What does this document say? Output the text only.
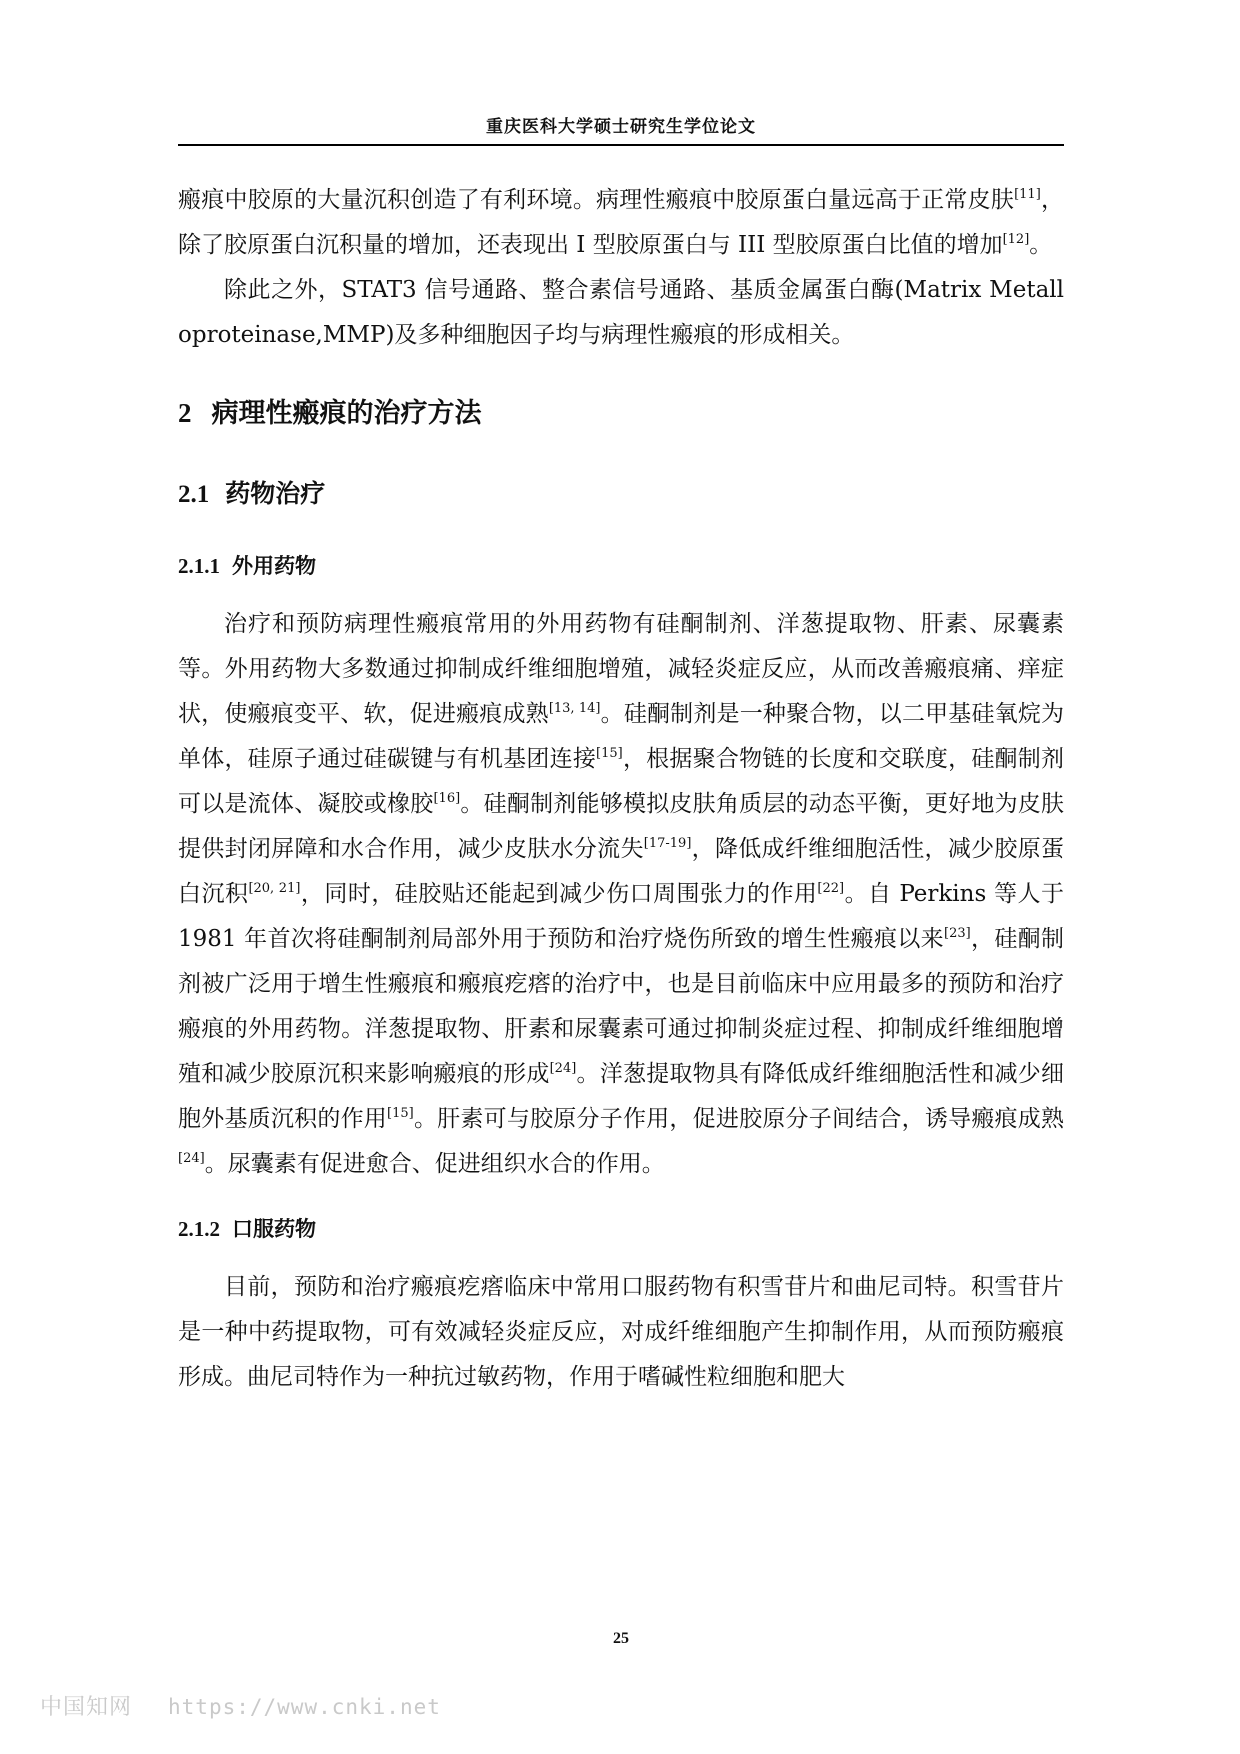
重庆医科大学硕士研究生学位论文

瘢痕中胶原的大量沉积创造了有利环境。病理性瘢痕中胶原蛋白量远高于正常皮肤[11]，除了胶原蛋白沉积量的增加，还表现出 I 型胶原蛋白与 III 型胶原蛋白比值的增加[12]。

除此之外，STAT3 信号通路、整合素信号通路、基质金属蛋白酶(Matrix Metalloproteinase,MMP)及多种细胞因子均与病理性瘢痕的形成相关。

2 病理性瘢痕的治疗方法
2.1 药物治疗
2.1.1 外用药物

治疗和预防病理性瘢痕常用的外用药物有硅酮制剂、洋葱提取物、肝素、尿囊素等。外用药物大多数通过抑制成纤维细胞增殖，减轻炎症反应，从而改善瘢痕痛、痒症状，使瘢痕变平、软，促进瘢痕成熟[13, 14]。硅酮制剂是一种聚合物，以二甲基硅氧烷为单体，硅原子通过硅碳键与有机基团连接[15]，根据聚合物链的长度和交联度，硅酮制剂可以是流体、凝胶或橡胶[16]。硅酮制剂能够模拟皮肤角质层的动态平衡，更好地为皮肤提供封闭屏障和水合作用，减少皮肤水分流失[17-19]，降低成纤维细胞活性，减少胶原蛋白沉积[20, 21]，同时，硅胶贴还能起到减少伤口周围张力的作用[22]。自 Perkins 等人于 1981 年首次将硅酮制剂局部外用于预防和治疗烧伤所致的增生性瘢痕以来[23]，硅酮制剂被广泛用于增生性瘢痕和瘢痕疙瘩的治疗中，也是目前临床中应用最多的预防和治疗瘢痕的外用药物。洋葱提取物、肝素和尿囊素可通过抑制炎症过程、抑制成纤维细胞增殖和减少胶原沉积来影响瘢痕的形成[24]。洋葱提取物具有降低成纤维细胞活性和减少细胞外基质沉积的作用[15]。肝素可与胶原分子作用，促进胶原分子间结合，诱导瘢痕成熟[24]。尿囊素有促进愈合、促进组织水合的作用。

2.1.2 口服药物

目前，预防和治疗瘢痕疙瘩临床中常用口服药物有积雪苷片和曲尼司特。积雪苷片是一种中药提取物，可有效减轻炎症反应，对成纤维细胞产生抑制作用，从而预防瘢痕形成。曲尼司特作为一种抗过敏药物，作用于嗜碱性粒细胞和肥大

25
中国知网 https://www.cnki.net
